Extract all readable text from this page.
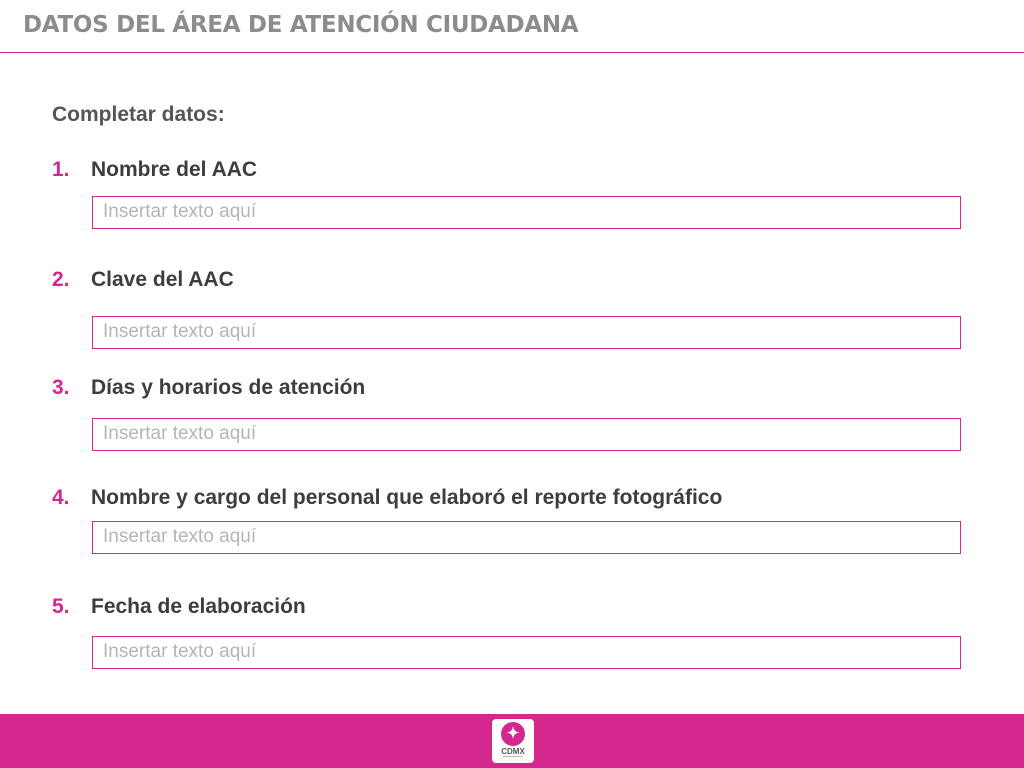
DATOS DEL ÁREA DE ATENCIÓN CIUDADANA
Completar datos:
1. Nombre del AAC
Insertar texto aquí
2. Clave del AAC
Insertar texto aquí
3. Días y horarios de atención
Insertar texto aquí
4. Nombre y cargo del personal que elaboró el reporte fotográfico
Insertar texto aquí
5. Fecha de elaboración
Insertar texto aquí
✦
CDMX
